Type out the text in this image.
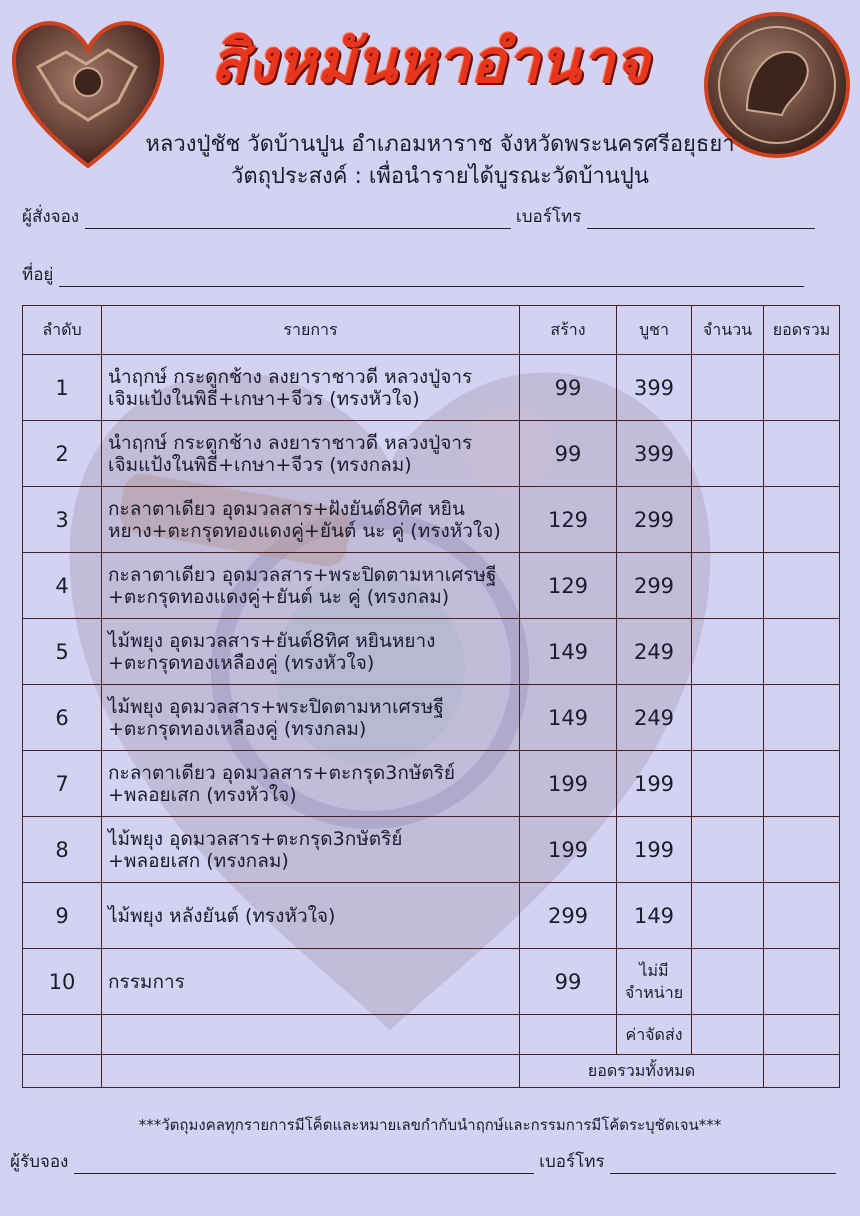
สิงหมันหาอำนาจ
หลวงปู่ชัช วัดบ้านปูน อำเภอมหาราช จังหวัดพระนครศรีอยุธยา
วัตถุประสงค์ : เพื่อนำรายได้บูรณะวัดบ้านปูน
ผู้สั่งจอง	เบอร์โทร
ที่อยู่
ลำดับ	รายการ	สร้าง	บูชา	จำนวน	ยอดรวม
1	นำฤกษ์ กระดูกช้าง ลงยาราชาวดี หลวงปู่จาร
เจิมแป้งในพิธี+เกษา+จีวร (ทรงหัวใจ)	99	399		
2	นำฤกษ์ กระดูกช้าง ลงยาราชาวดี หลวงปู่จาร
เจิมแป้งในพิธี+เกษา+จีวร (ทรงกลม)	99	399		
3	กะลาตาเดียว อุดมวลสาร+ฝังยันต์8ทิศ หยิน
หยาง+ตะกรุดทองแดงคู่+ยันต์ นะ คู่ (ทรงหัวใจ)	129	299		
4	กะลาตาเดียว อุดมวลสาร+พระปิดตามหาเศรษฐี
+ตะกรุดทองแดงคู่+ยันต์ นะ คู่ (ทรงกลม)	129	299		
5	ไม้พยุง อุดมวลสาร+ยันต์8ทิศ หยินหยาง
+ตะกรุดทองเหลืองคู่ (ทรงหัวใจ)	149	249		
6	ไม้พยุง อุดมวลสาร+พระปิดตามหาเศรษฐี
+ตะกรุดทองเหลืองคู่ (ทรงกลม)	149	249		
7	กะลาตาเดียว อุดมวลสาร+ตะกรุด3กษัตริย์
+พลอยเสก (ทรงหัวใจ)	199	199		
8	ไม้พยุง อุดมวลสาร+ตะกรุด3กษัตริย์
+พลอยเสก (ทรงกลม)	199	199		
9	ไม้พยุง หลังยันต์ (ทรงหัวใจ)	299	149		
10	กรรมการ	99	ไม่มี จำหน่าย		
			ค่าจัดส่ง		
		ยอดรวมทั้งหมด			
***วัตถุมงคลทุกรายการมีโค็ดและหมายเลขกำกับนำฤกษ์และกรรมการมีโค้ดระบุชัดเจน***
ผู้รับจอง	เบอร์โทร
